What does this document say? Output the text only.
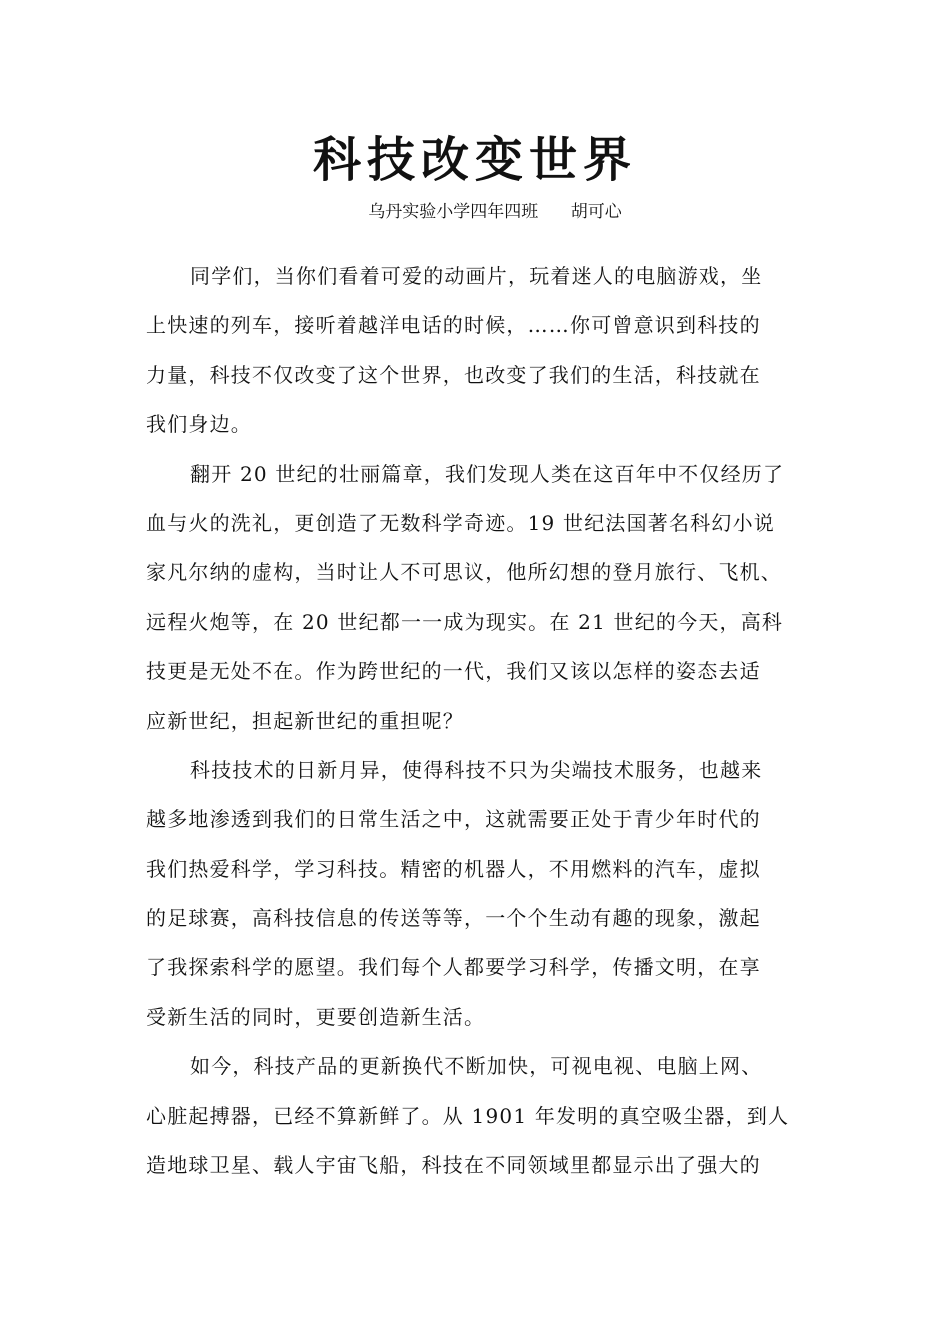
科技改变世界
乌丹实验小学四年四班      胡可心
同学们，当你们看着可爱的动画片，玩着迷人的电脑游戏，坐
上快速的列车，接听着越洋电话的时候，……你可曾意识到科技的
力量，科技不仅改变了这个世界，也改变了我们的生活，科技就在
我们身边。
翻开 20 世纪的壮丽篇章，我们发现人类在这百年中不仅经历了
血与火的洗礼，更创造了无数科学奇迹。19 世纪法国著名科幻小说
家凡尔纳的虚构，当时让人不可思议，他所幻想的登月旅行、飞机、
远程火炮等，在 20 世纪都一一成为现实。在 21 世纪的今天，高科
技更是无处不在。作为跨世纪的一代，我们又该以怎样的姿态去适
应新世纪，担起新世纪的重担呢？
科技技术的日新月异，使得科技不只为尖端技术服务，也越来
越多地渗透到我们的日常生活之中，这就需要正处于青少年时代的
我们热爱科学，学习科技。精密的机器人，不用燃料的汽车，虚拟
的足球赛，高科技信息的传送等等，一个个生动有趣的现象，激起
了我探索科学的愿望。我们每个人都要学习科学，传播文明，在享
受新生活的同时，更要创造新生活。
如今，科技产品的更新换代不断加快，可视电视、电脑上网、
心脏起搏器，已经不算新鲜了。从 1901 年发明的真空吸尘器，到人
造地球卫星、载人宇宙飞船，科技在不同领域里都显示出了强大的
